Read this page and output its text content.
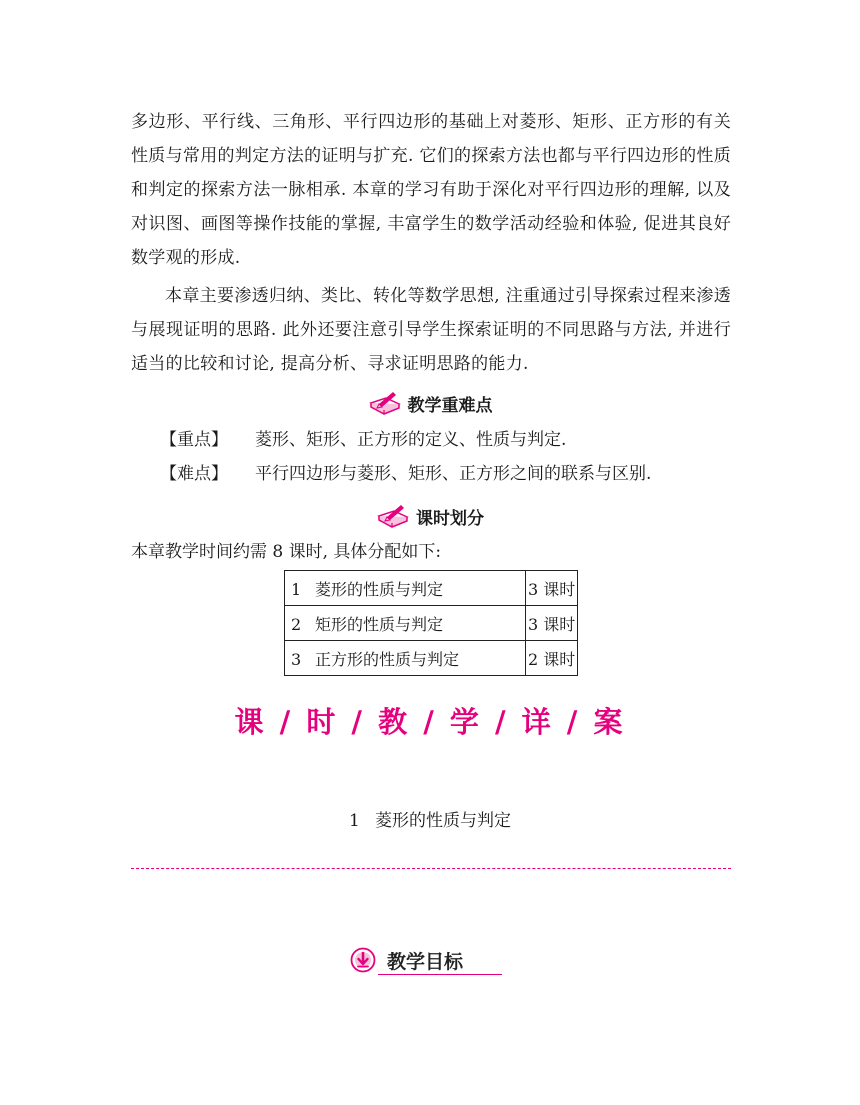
多边形、平行线、三角形、平行四边形的基础上对菱形、矩形、正方形的有关性质与常用的判定方法的证明与扩充. 它们的探索方法也都与平行四边形的性质和判定的探索方法一脉相承. 本章的学习有助于深化对平行四边形的理解, 以及对识图、画图等操作技能的掌握, 丰富学生的数学活动经验和体验, 促进其良好数学观的形成.

本章主要渗透归纳、类比、转化等数学思想, 注重通过引导探索过程来渗透与展现证明的思路. 此外还要注意引导学生探索证明的不同思路与方法, 并进行适当的比较和讨论, 提高分析、寻求证明思路的能力.

教学重难点
【重点】 菱形、矩形、正方形的定义、性质与判定.
【难点】 平行四边形与菱形、矩形、正方形之间的联系与区别.
课时划分
本章教学时间约需 8 课时, 具体分配如下:
1 菱形的性质与判定	3 课时
2 矩形的性质与判定	3 课时
3 正方形的性质与判定	2 课时
课 / 时 / 教 / 学 / 详 / 案
1 菱形的性质与判定
教学目标
